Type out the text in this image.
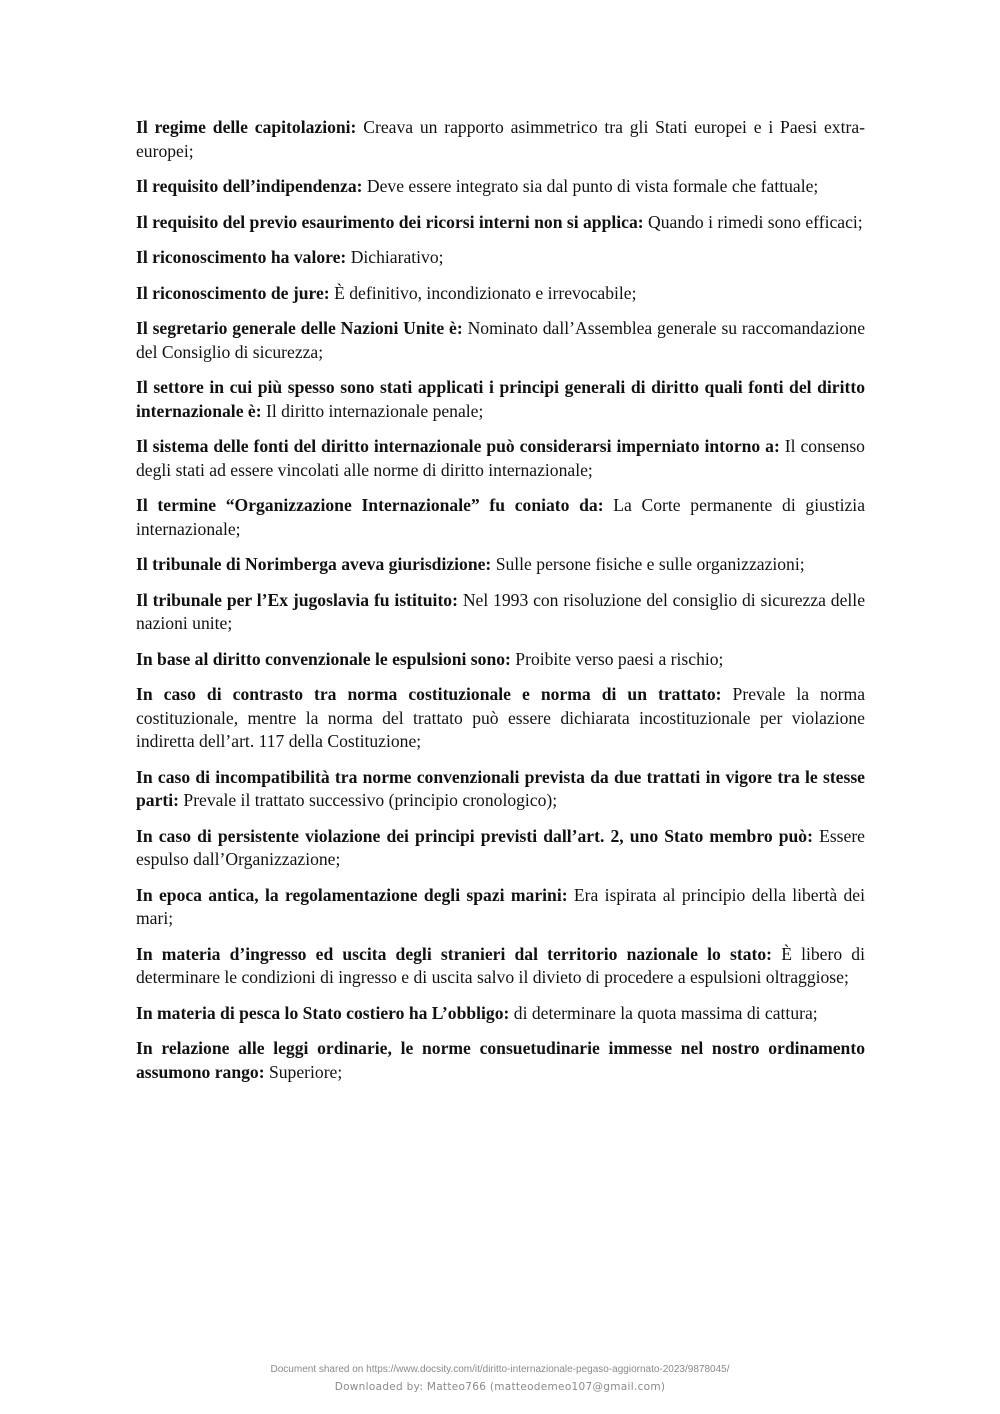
Il regime delle capitolazioni: Creava un rapporto asimmetrico tra gli Stati europei e i Paesi extra-europei;

Il requisito dell’indipendenza: Deve essere integrato sia dal punto di vista formale che fattuale;

Il requisito del previo esaurimento dei ricorsi interni non si applica: Quando i rimedi sono efficaci;

Il riconoscimento ha valore: Dichiarativo;

Il riconoscimento de jure: È definitivo, incondizionato e irrevocabile;

Il segretario generale delle Nazioni Unite è: Nominato dall’Assemblea generale su raccomandazione del Consiglio di sicurezza;

Il settore in cui più spesso sono stati applicati i principi generali di diritto quali fonti del diritto internazionale è: Il diritto internazionale penale;

Il sistema delle fonti del diritto internazionale può considerarsi imperniato intorno a: Il consenso degli stati ad essere vincolati alle norme di diritto internazionale;

Il termine “Organizzazione Internazionale” fu coniato da: La Corte permanente di giustizia internazionale;

Il tribunale di Norimberga aveva giurisdizione: Sulle persone fisiche e sulle organizzazioni;

Il tribunale per l’Ex jugoslavia fu istituito: Nel 1993 con risoluzione del consiglio di sicurezza delle nazioni unite;

In base al diritto convenzionale le espulsioni sono: Proibite verso paesi a rischio;

In caso di contrasto tra norma costituzionale e norma di un trattato: Prevale la norma costituzionale, mentre la norma del trattato può essere dichiarata incostituzionale per violazione indiretta dell’art. 117 della Costituzione;

In caso di incompatibilità tra norme convenzionali prevista da due trattati in vigore tra le stesse parti: Prevale il trattato successivo (principio cronologico);

In caso di persistente violazione dei principi previsti dall’art. 2, uno Stato membro può: Essere espulso dall’Organizzazione;

In epoca antica, la regolamentazione degli spazi marini: Era ispirata al principio della libertà dei mari;

In materia d’ingresso ed uscita degli stranieri dal territorio nazionale lo stato: È libero di determinare le condizioni di ingresso e di uscita salvo il divieto di procedere a espulsioni oltraggiose;

In materia di pesca lo Stato costiero ha L’obbligo: di determinare la quota massima di cattura;

In relazione alle leggi ordinarie, le norme consuetudinarie immesse nel nostro ordinamento assumono rango: Superiore;

Document shared on https://www.docsity.com/it/diritto-internazionale-pegaso-aggiornato-2023/9878045/
Downloaded by: Matteo766 (matteodemeo107@gmail.com)
